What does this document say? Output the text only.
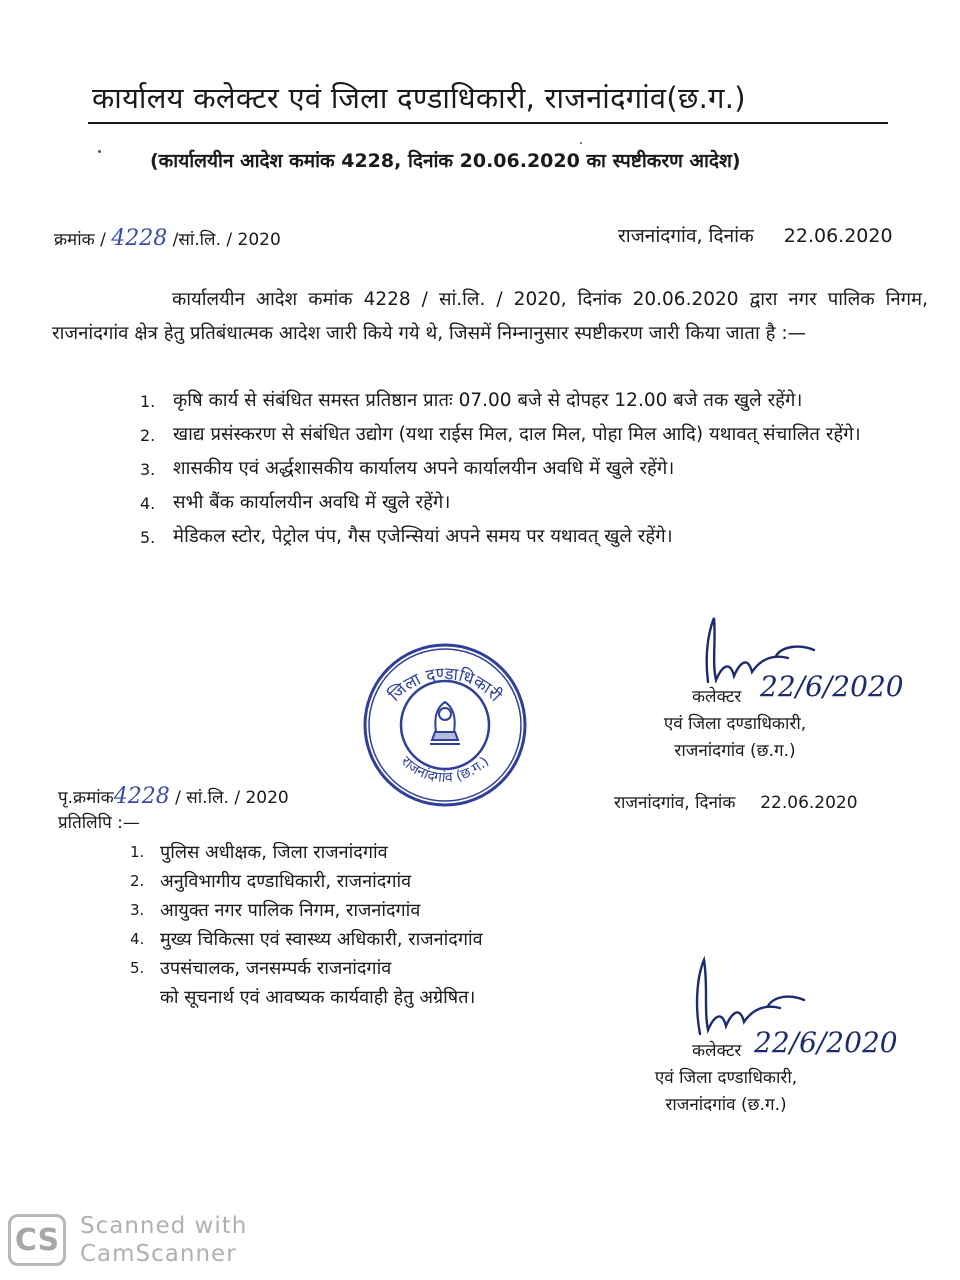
कार्यालय कलेक्टर एवं जिला दण्डाधिकारी, राजनांदगांव(छ.ग.)
(कार्यालयीन आदेश कमांक 4228, दिनांक 20.06.2020 का स्पष्टीकरण आदेश)
क्रमांक / 4228 /सां.लि. / 2020	राजनांदगांव, दिनांक 22.06.2020
कार्यालयीन आदेश कमांक 4228 / सां.लि. / 2020, दिनांक 20.06.2020 द्वारा नगर पालिक निगम, राजनांदगांव क्षेत्र हेतु प्रतिबंधात्मक आदेश जारी किये गये थे, जिसमें निम्नानुसार स्पष्टीकरण जारी किया जाता है :—
1. कृषि कार्य से संबंधित समस्त प्रतिष्ठान प्रातः 07.00 बजे से दोपहर 12.00 बजे तक खुले रहेंगे।
2. खाद्य प्रसंस्करण से संबंधित उद्योग (यथा राईस मिल, दाल मिल, पोहा मिल आदि) यथावत् संचालित रहेंगे।
3. शासकीय एवं अर्द्धशासकीय कार्यालय अपने कार्यालयीन अवधि में खुले रहेंगे।
4. सभी बैंक कार्यालयीन अवधि में खुले रहेंगे।
5. मेडिकल स्टोर, पेट्रोल पंप, गैस एजेन्सियां अपने समय पर यथावत् खुले रहेंगे।
जिला दण्डाधिकारी
राजनांदगांव (छ.ग.)
22/6/2020
कलेक्टर
एवं जिला दण्डाधिकारी,
राजनांदगांव (छ.ग.)
पृ.क्रमांक4228 / सां.लि. / 2020	राजनांदगांव, दिनांक 22.06.2020
प्रतिलिपि :—
1. पुलिस अधीक्षक, जिला राजनांदगांव
2. अनुविभागीय दण्डाधिकारी, राजनांदगांव
3. आयुक्त नगर पालिक निगम, राजनांदगांव
4. मुख्य चिकित्सा एवं स्वास्थ्य अधिकारी, राजनांदगांव
5. उपसंचालक, जनसम्पर्क राजनांदगांव
को सूचनार्थ एवं आवष्यक कार्यवाही हेतु अग्रेषित।
22/6/2020
कलेक्टर
एवं जिला दण्डाधिकारी,
राजनांदगांव (छ.ग.)
CS Scanned with
CamScanner
